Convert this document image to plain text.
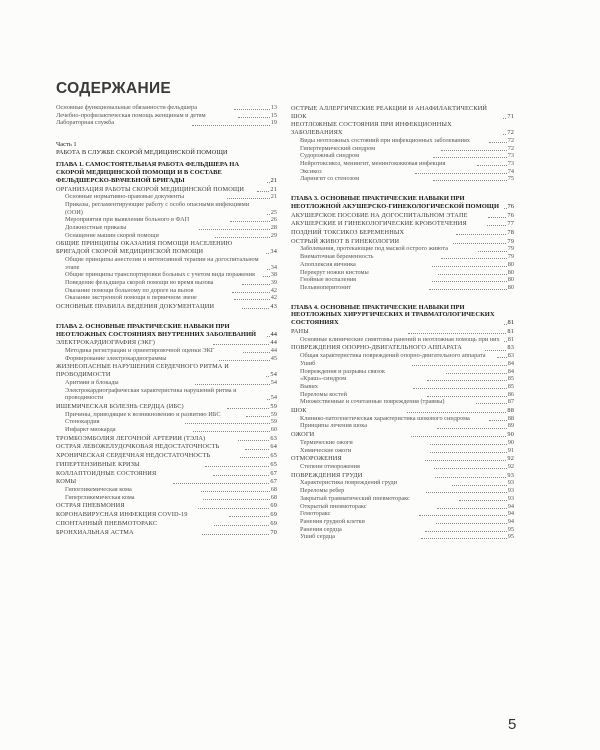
СОДЕРЖАНИЕ
Основные функциональные обязанности фельдшера	13
Лечебно-профилактическая помощь женщинам и детям	15
Лабораторная служба	19
Часть 1
РАБОТА В СЛУЖБЕ СКОРОЙ МЕДИЦИНСКОЙ ПОМОЩИ
ГЛАВА 1. САМОСТОЯТЕЛЬНАЯ РАБОТА ФЕЛЬДШЕРА НА СКОРОЙ МЕДИЦИНСКОЙ ПОМОЩИ И В СОСТАВЕ ФЕЛЬДШЕРСКО-ВРАЧЕБНОЙ БРИГАДЫ	21
ОРГАНИЗАЦИЯ РАБОТЫ СКОРОЙ МЕДИЦИНСКОЙ ПОМОЩИ	21
Основные нормативно-правовые документы	21
Приказы, регламентирующие работу с особо опасными инфекциями (ООИ)	25
Мероприятия при выявлении больного в ФАП	26
Должностные приказы	28
Оснащение машин скорой помощи	29
ОБЩИЕ ПРИНЦИПЫ ОКАЗАНИЯ ПОМОЩИ НАСЕЛЕНИЮ БРИГАДОЙ СКОРОЙ МЕДИЦИНСКОЙ ПОМОЩИ	34
Общие принципы анестезии и интенсивной терапии на догоспитальном этапе	34
Общие принципы транспортировки больных с учетом вида поражения	38
Поведение фельдшера скорой помощи во время вызова	39
Оказание помощи больному по дороге на вызов	42
Оказание экстренной помощи в первичном звене	42
ОСНОВНЫЕ ПРАВИЛА ВЕДЕНИЯ ДОКУМЕНТАЦИИ	43
ГЛАВА 2. ОСНОВНЫЕ ПРАКТИЧЕСКИЕ НАВЫКИ ПРИ НЕОТЛОЖНЫХ СОСТОЯНИЯХ ВНУТРЕННИХ ЗАБОЛЕВАНИЙ	44
ЭЛЕКТРОКАРДИОГРАФИЯ (ЭКГ)	44
Методика регистрации и ориентировочной оценки ЭКГ	44
Формирование электрокардиограммы	45
ЖИЗНЕОПАСНЫЕ НАРУШЕНИЯ СЕРДЕЧНОГО РИТМА И ПРОВОДИМОСТИ	54
Аритмии и блокады	54
Электрокардиографическая характеристика нарушений ритма и проводимости	54
ИШЕМИЧЕСКАЯ БОЛЕЗНЬ СЕРДЦА (ИБС)	59
Причины, приводящие к возникновению и развитию ИБС	59
Стенокардия	59
Инфаркт миокарда	60
ТРОМБОЭМБОЛИЯ ЛЕГОЧНОЙ АРТЕРИИ (ТЭЛА)	63
ОСТРАЯ ЛЕВОЖЕЛУДОЧКОВАЯ НЕДОСТАТОЧНОСТЬ	64
ХРОНИЧЕСКАЯ СЕРДЕЧНАЯ НЕДОСТАТОЧНОСТЬ	65
ГИПЕРТЕНЗИВНЫЕ КРИЗЫ	65
КОЛЛАПТОИДНЫЕ СОСТОЯНИЯ	67
КОМЫ	67
Гипогликемическая кома	68
Гипергликемическая кома	68
ОСТРАЯ ПНЕВМОНИЯ	69
КОРОНАВИРУСНАЯ ИНФЕКЦИЯ COVID-19	69
СПОНТАННЫЙ ПНЕВМОТОРАКС	69
БРОНХИАЛЬНАЯ АСТМА	70
ОСТРЫЕ АЛЛЕРГИЧЕСКИЕ РЕАКЦИИ И АНАФИЛАКТИЧЕСКИЙ ШОК	71
НЕОТЛОЖНЫЕ СОСТОЯНИЯ ПРИ ИНФЕКЦИОННЫХ ЗАБОЛЕВАНИЯХ	72
Виды неотложных состояний при инфекционных заболеваниях	72
Гипертермический синдром	72
Судорожный синдром	73
Нейротоксикоз, менингит, менингококковая инфекция	73
Эксикоз	74
Ларингит со стенозом	75
ГЛАВА 3. ОСНОВНЫЕ ПРАКТИЧЕСКИЕ НАВЫКИ ПРИ НЕОТЛОЖНОЙ АКУШЕРСКО-ГИНЕКОЛОГИЧЕСКОЙ ПОМОЩИ	76
АКУШЕРСКОЕ ПОСОБИЕ НА ДОГОСПИТАЛЬНОМ ЭТАПЕ	76
АКУШЕРСКИЕ И ГИНЕКОЛОГИЧЕСКИЕ КРОВОТЕЧЕНИЯ	77
ПОЗДНИЙ ТОКСИКОЗ БЕРЕМЕННЫХ	78
ОСТРЫЙ ЖИВОТ В ГИНЕКОЛОГИИ	79
Заболевания, протекающие под маской острого живота	79
Внематочная беременность	79
Апоплексия яичника	80
Перекрут ножки кистомы	80
Гнойные воспаления	80
Пельвиоперитонит	80
ГЛАВА 4. ОСНОВНЫЕ ПРАКТИЧЕСКИЕ НАВЫКИ ПРИ НЕОТЛОЖНЫХ ХИРУРГИЧЕСКИХ И ТРАВМАТОЛОГИЧЕСКИХ СОСТОЯНИЯХ	81
РАНЫ	81
Основные клинические симптомы ранений и неотложная помощь при них	81
ПОВРЕЖДЕНИЯ ОПОРНО-ДВИГАТЕЛЬНОГО АППАРАТА	83
Общая характеристика повреждений опорно-двигательного аппарата	83
Ушиб	84
Повреждения и разрывы связок	84
«Краш»-синдром	85
Вывих	85
Переломы костей	86
Множественные и сочетанные повреждения (травмы)	87
ШОК	88
Клинико-патогенетическая характеристика шокового синдрома	88
Принципы лечения шока	89
ОЖОГИ	90
Термические ожоги	90
Химические ожоги	91
ОТМОРОЖЕНИЯ	92
Степени отморожения	92
ПОВРЕЖДЕНИЯ ГРУДИ	93
Характеристика повреждений груди	93
Переломы ребер	93
Закрытый травматический пневмоторакс	93
Открытый пневмоторакс	94
Гемоторакс	94
Ранения грудной клетки	94
Ранения сердца	95
Ушиб сердца	95
5
